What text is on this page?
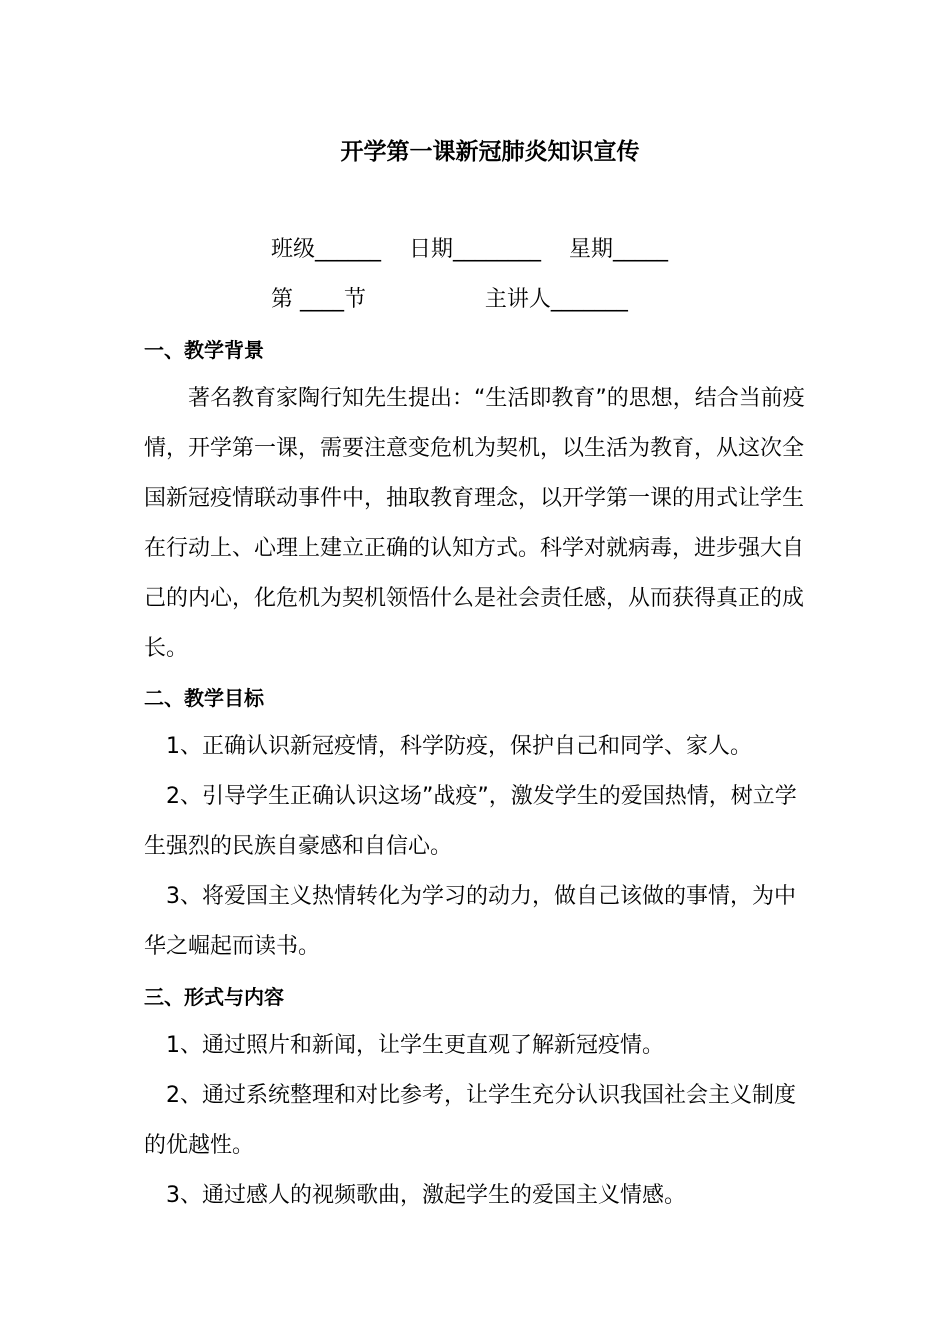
开学第一课新冠肺炎知识宣传
班级______    日期________    星期_____
第 ____节                 主讲人_______
一、教学背景
著名教育家陶行知先生提出：“生活即教育”的思想，结合当前疫情，开学第一课，需要注意变危机为契机，以生活为教育，从这次全国新冠疫情联动事件中，抽取教育理念，以开学第一课的用式让学生在行动上、心理上建立正确的认知方式。科学对就病毒，进步强大自己的内心，化危机为契机领悟什么是社会责任感，从而获得真正的成长。
二、教学目标
1、正确认识新冠疫情，科学防疫，保护自己和同学、家人。
2、引导学生正确认识这场”战疫”，激发学生的爱国热情，树立学生强烈的民族自豪感和自信心。
3、将爱国主义热情转化为学习的动力，做自己该做的事情，为中华之崛起而读书。
三、形式与内容
1、通过照片和新闻，让学生更直观了解新冠疫情。
2、通过系统整理和对比参考，让学生充分认识我国社会主义制度的优越性。
3、通过感人的视频歌曲，激起学生的爱国主义情感。
